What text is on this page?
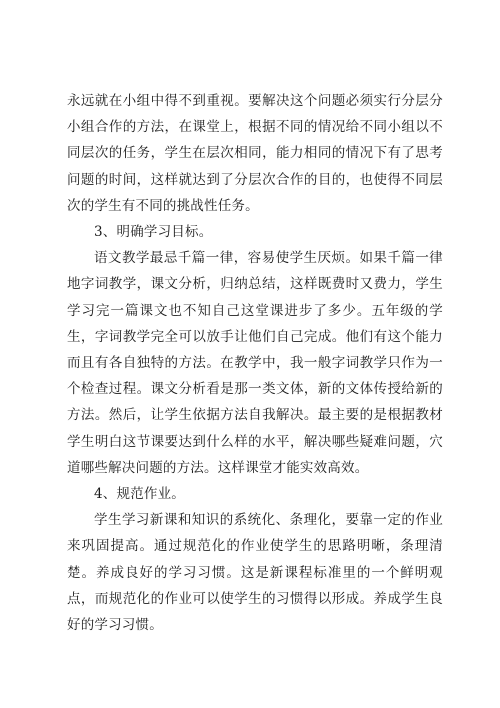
永远就在小组中得不到重视。要解决这个问题必须实行分层分小组合作的方法，在课堂上，根据不同的情况给不同小组以不同层次的任务，学生在层次相同，能力相同的情况下有了思考问题的时间，这样就达到了分层次合作的目的，也使得不同层次的学生有不同的挑战性任务。

3、明确学习目标。

语文教学最忌千篇一律，容易使学生厌烦。如果千篇一律地字词教学，课文分析，归纳总结，这样既费时又费力，学生学习完一篇课文也不知自己这堂课进步了多少。五年级的学生，字词教学完全可以放手让他们自己完成。他们有这个能力而且有各自独特的方法。在教学中，我一般字词教学只作为一个检查过程。课文分析看是那一类文体，新的文体传授给新的方法。然后，让学生依据方法自我解决。最主要的是根据教材学生明白这节课要达到什么样的水平，解决哪些疑难问题，穴道哪些解决问题的方法。这样课堂才能实效高效。

4、规范作业。

学生学习新课和知识的系统化、条理化，要靠一定的作业来巩固提高。通过规范化的作业使学生的思路明晰，条理清楚。养成良好的学习习惯。这是新课程标准里的一个鲜明观点，而规范化的作业可以使学生的习惯得以形成。养成学生良好的学习习惯。
